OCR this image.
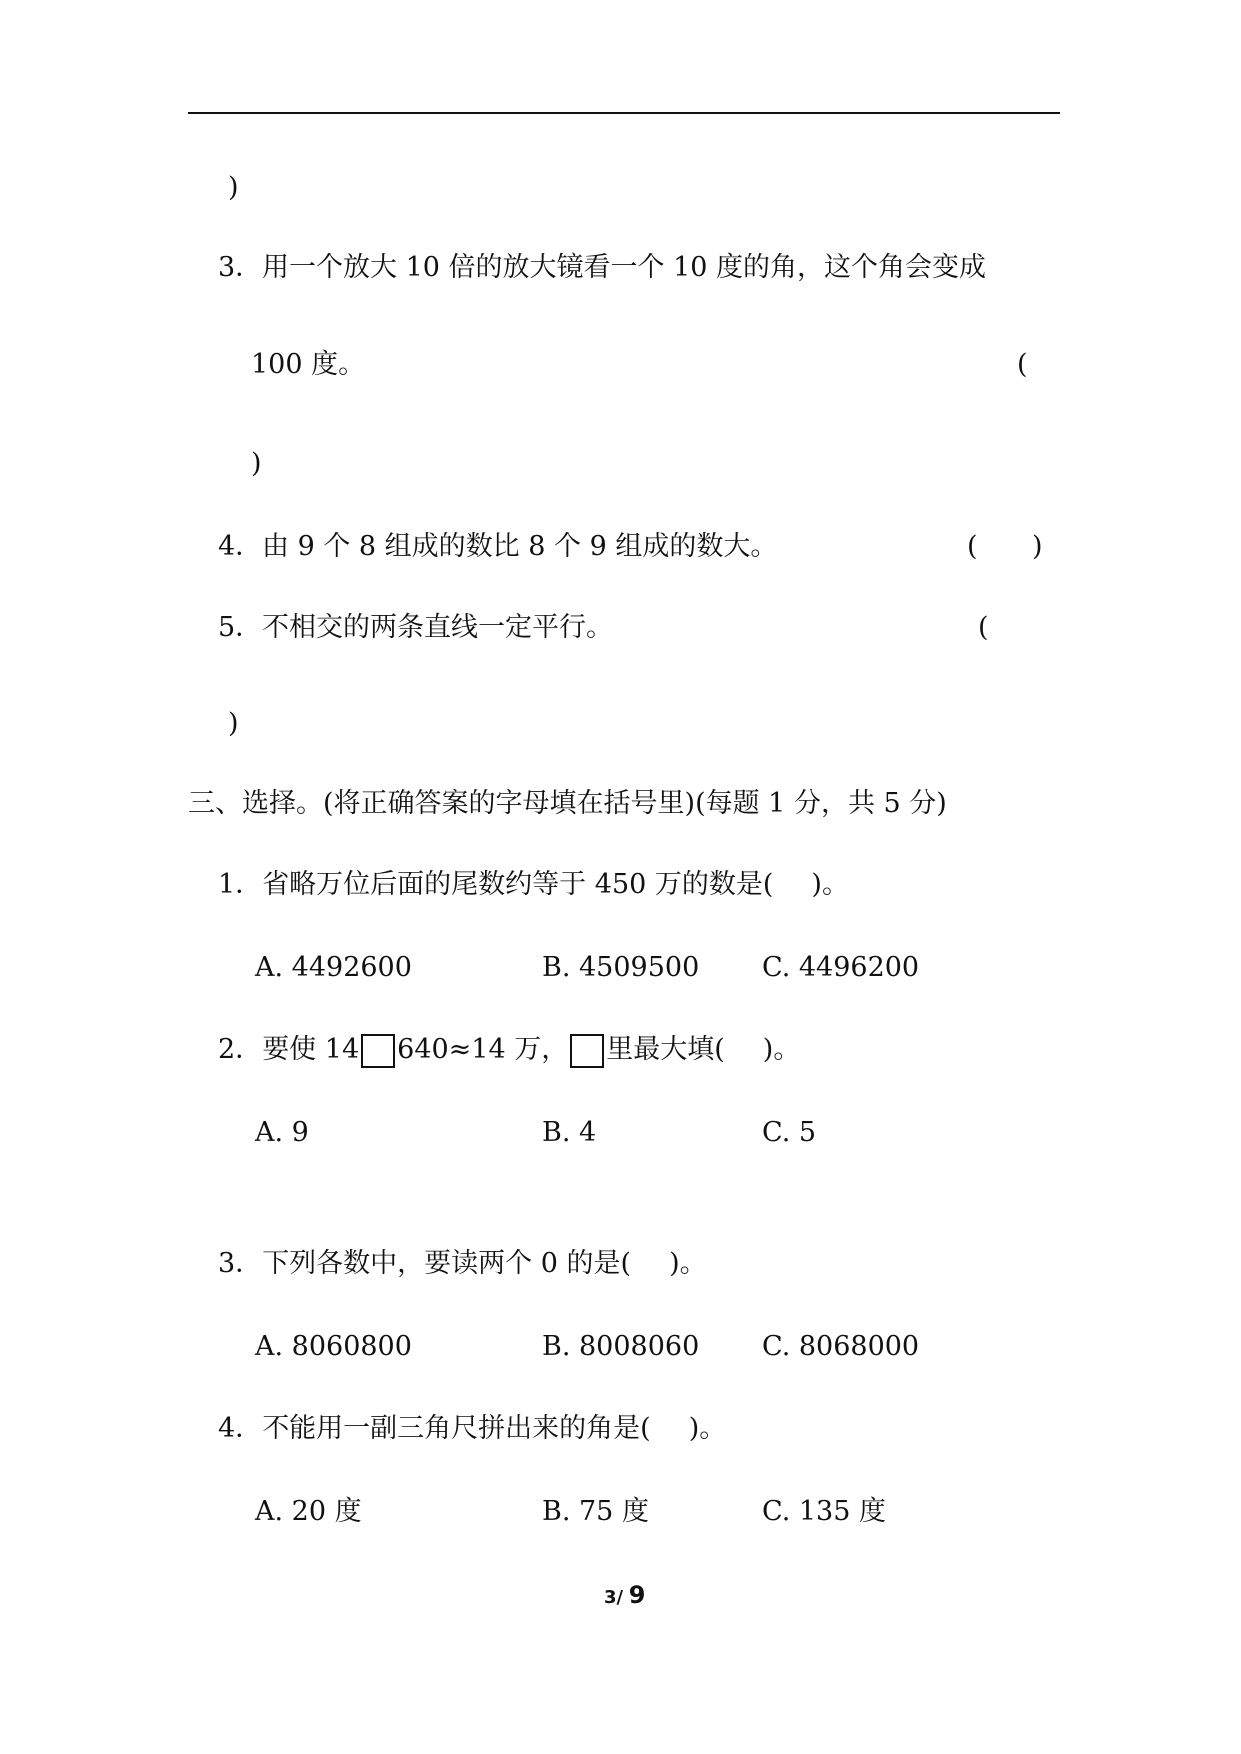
)
3． 用一个放大 10 倍的放大镜看一个 10 度的角，这个角会变成
100 度。	(
)
4． 由 9 个 8 组成的数比 8 个 9 组成的数大。	( )
5． 不相交的两条直线一定平行。	(
)
三、选择。(将正确答案的字母填在括号里)(每题 1 分，共 5 分)
1．省略万位后面的尾数约等于 450 万的数是( )。
A. 4492600	B. 4509500 C. 4496200
2．要使 14 640≈14 万， 里最大填( )。
A. 9	B. 4	C. 5
3．下列各数中，要读两个 0 的是( )。
A. 8060800	B. 8008060 C. 8068000
4．不能用一副三角尺拼出来的角是( )。
A. 20 度	B. 75 度	C. 135 度
3/ 9
